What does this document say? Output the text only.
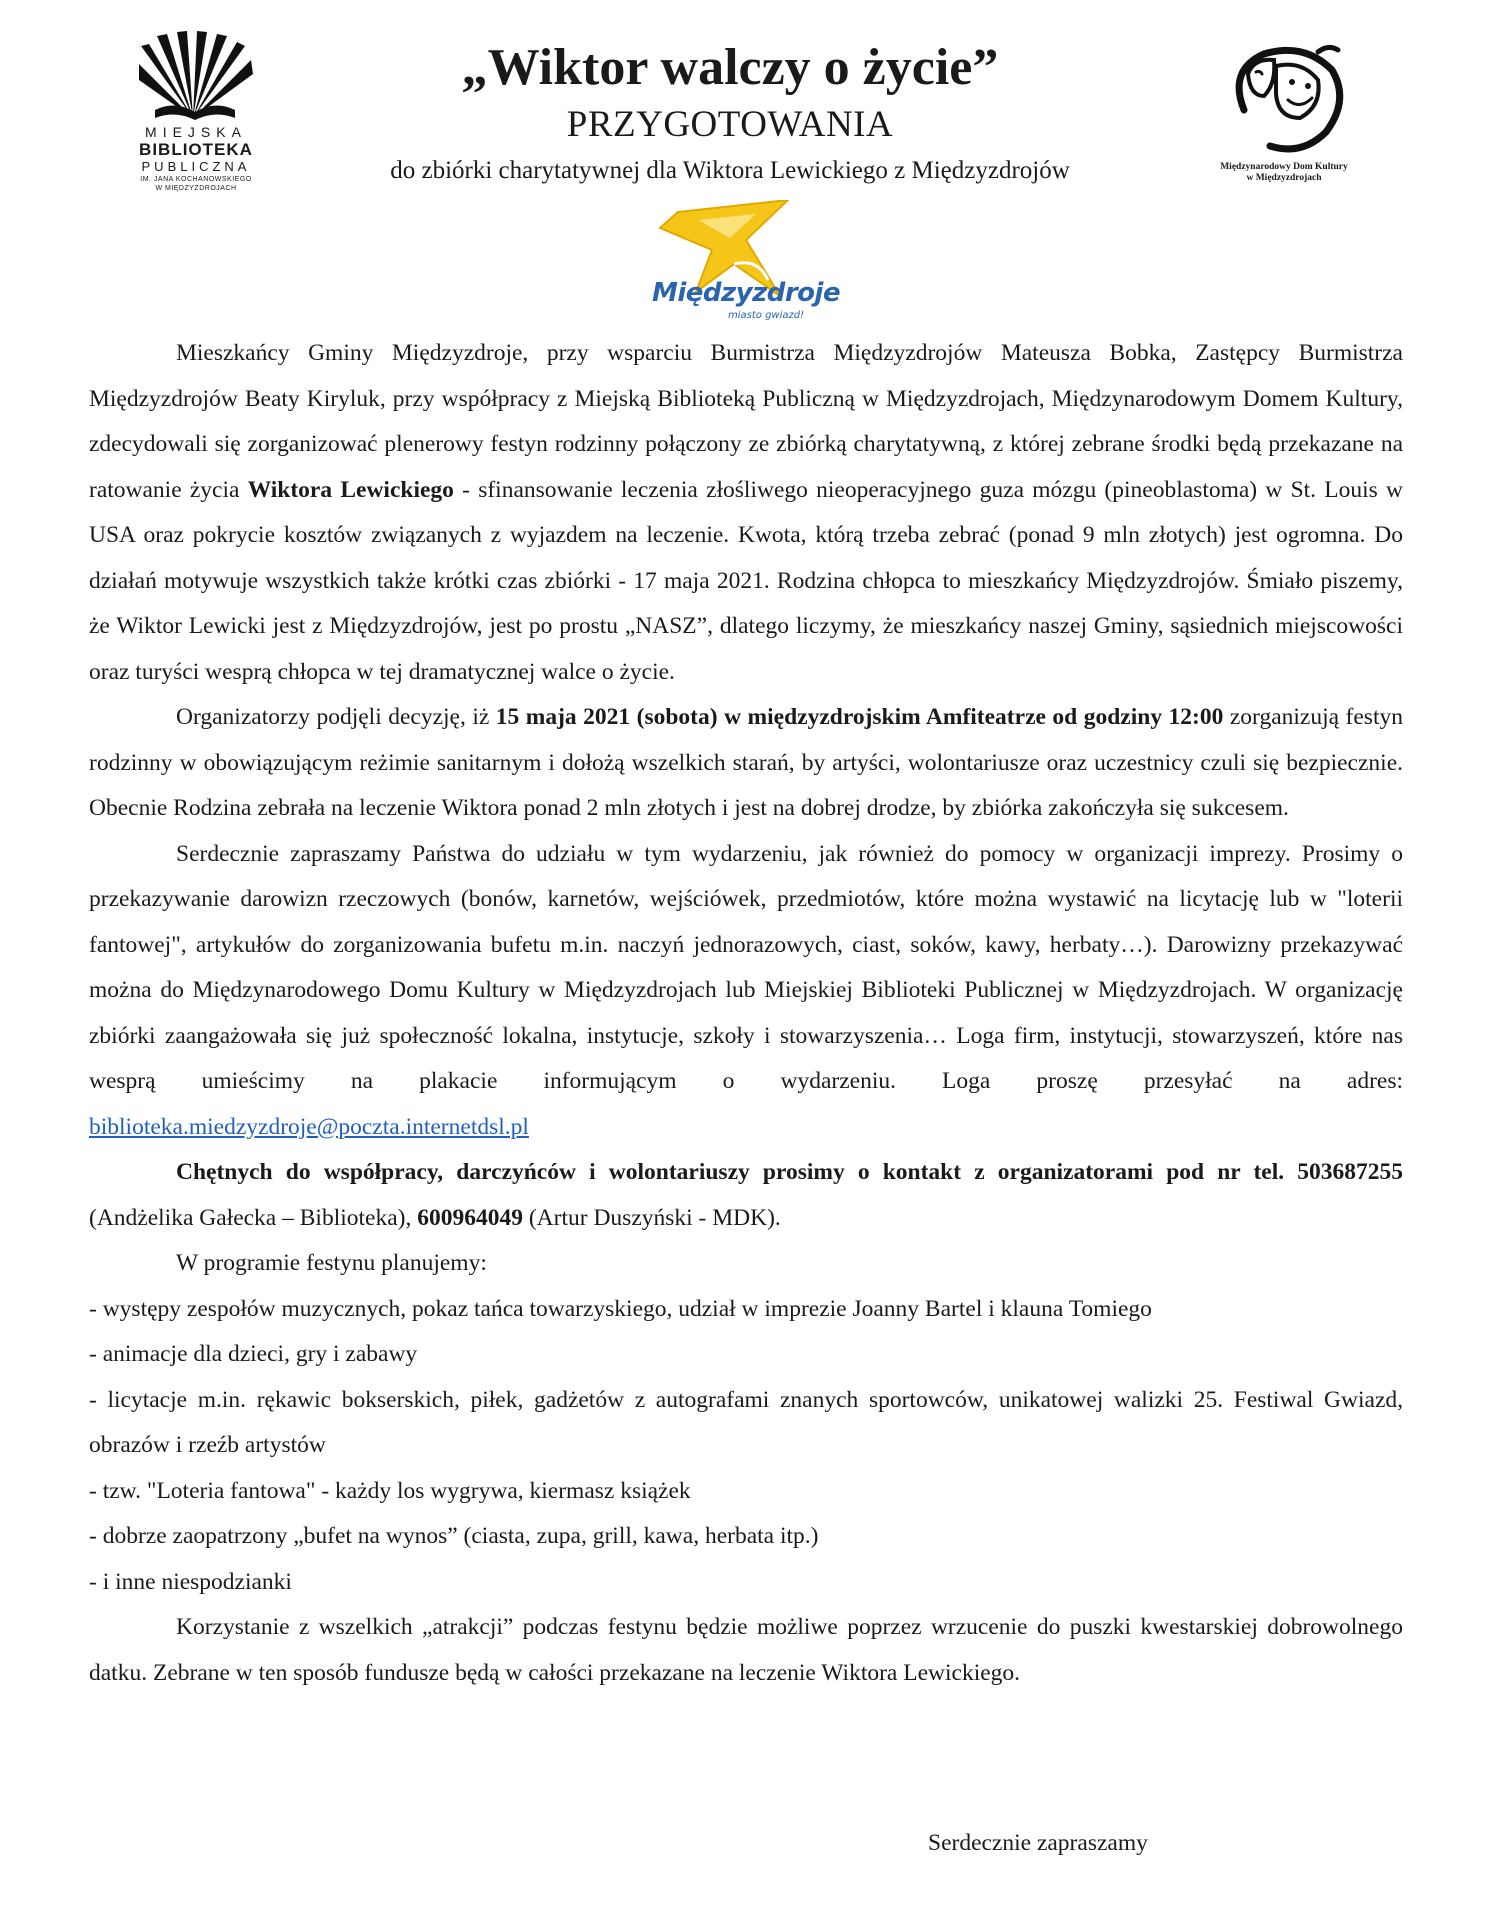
MIEJSKA
BIBLIOTEKA
PUBLICZNA
IM. JANA KOCHANOWSKIEGO
W MIĘDZYZDROJACH
„Wiktor walczy o życie”
PRZYGOTOWANIA
do zbiórki charytatywnej dla Wiktora Lewickiego z Międzyzdrojów	Międzynarodowy Dom Kultury
w Międzyzdrojach
Międzyzdroje
miasto gwiazd!

Mieszkańcy Gminy Międzyzdroje, przy wsparciu Burmistrza Międzyzdrojów Mateusza Bobka, Zastępcy Burmistrza Międzyzdrojów Beaty Kiryluk, przy współpracy z Miejską Biblioteką Publiczną w Międzyzdrojach, Międzynarodowym Domem Kultury, zdecydowali się zorganizować plenerowy festyn rodzinny połączony ze zbiórką charytatywną, z której zebrane środki będą przekazane na ratowanie życia Wiktora Lewickiego - sfinansowanie leczenia złośliwego nieoperacyjnego guza mózgu (pineoblastoma) w St. Louis w USA oraz pokrycie kosztów związanych z wyjazdem na leczenie. Kwota, którą trzeba zebrać (ponad 9 mln złotych) jest ogromna. Do działań motywuje wszystkich także krótki czas zbiórki - 17 maja 2021. Rodzina chłopca to mieszkańcy Międzyzdrojów. Śmiało piszemy, że Wiktor Lewicki jest z Międzyzdrojów, jest po prostu „NASZ”, dlatego liczymy, że mieszkańcy naszej Gminy, sąsiednich miejscowości oraz turyści wesprą chłopca w tej dramatycznej walce o życie.

Organizatorzy podjęli decyzję, iż 15 maja 2021 (sobota) w międzyzdrojskim Amfiteatrze od godziny 12:00 zorganizują festyn rodzinny w obowiązującym reżimie sanitarnym i dołożą wszelkich starań, by artyści, wolontariusze oraz uczestnicy czuli się bezpiecznie. Obecnie Rodzina zebrała na leczenie Wiktora ponad 2 mln złotych i jest na dobrej drodze, by zbiórka zakończyła się sukcesem.

Serdecznie zapraszamy Państwa do udziału w tym wydarzeniu, jak również do pomocy w organizacji imprezy. Prosimy o przekazywanie darowizn rzeczowych (bonów, karnetów, wejściówek, przedmiotów, które można wystawić na licytację lub w "loterii fantowej", artykułów do zorganizowania bufetu m.in. naczyń jednorazowych, ciast, soków, kawy, herbaty…). Darowizny przekazywać można do Międzynarodowego Domu Kultury w Międzyzdrojach lub Miejskiej Biblioteki Publicznej w Międzyzdrojach. W organizację zbiórki zaangażowała się już społeczność lokalna, instytucje, szkoły i stowarzyszenia… Loga firm, instytucji, stowarzyszeń, które nas wesprą umieścimy na plakacie informującym o wydarzeniu. Loga proszę przesyłać na adres: biblioteka.miedzyzdroje@poczta.internetdsl.pl

Chętnych do współpracy, darczyńców i wolontariuszy prosimy o kontakt z organizatorami pod nr tel. 503687255 (Andżelika Gałecka – Biblioteka), 600964049 (Artur Duszyński - MDK).

W programie festynu planujemy:

- występy zespołów muzycznych, pokaz tańca towarzyskiego, udział w imprezie Joanny Bartel i klauna Tomiego

- animacje dla dzieci, gry i zabawy

- licytacje m.in. rękawic bokserskich, piłek, gadżetów z autografami znanych sportowców, unikatowej walizki 25. Festiwal Gwiazd, obrazów i rzeźb artystów

- tzw. "Loteria fantowa" - każdy los wygrywa, kiermasz książek

- dobrze zaopatrzony „bufet na wynos” (ciasta, zupa, grill, kawa, herbata itp.)

- i inne niespodzianki

Korzystanie z wszelkich „atrakcji” podczas festynu będzie możliwe poprzez wrzucenie do puszki kwestarskiej dobrowolnego datku. Zebrane w ten sposób fundusze będą w całości przekazane na leczenie Wiktora Lewickiego.

Serdecznie zapraszamy
